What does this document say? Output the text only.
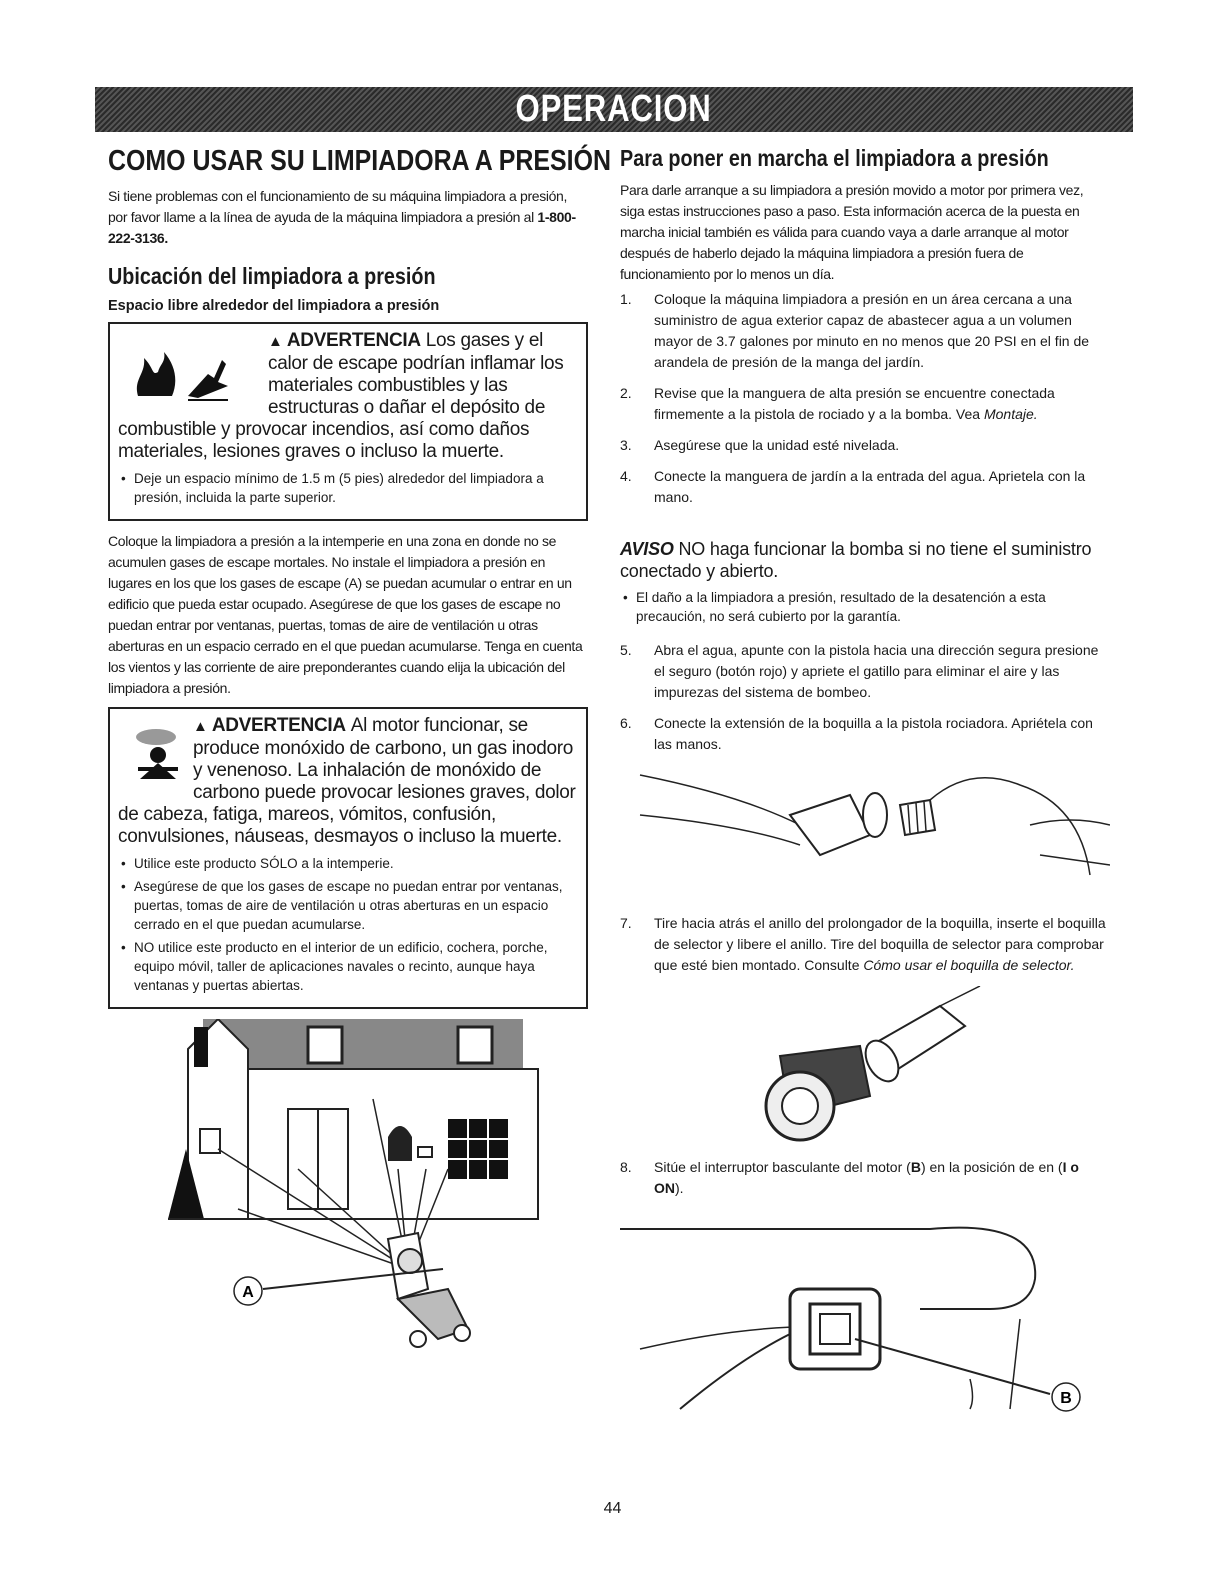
OPERACION
COMO USAR SU LIMPIADORA A PRESIÓN

Si tiene problemas con el funcionamiento de su máquina limpiadora a presión, por favor llame a la línea de ayuda de la máquina limpiadora a presión al 1-800-222-3136.

Ubicación del limpiadora a presión
Espacio libre alrededor del limpiadora a presión
▲ ADVERTENCIA Los gases y el calor de escape podrían inflamar los materiales combustibles y las estructuras o dañar el depósito de combustible y provocar incendios, así como daños materiales, lesiones graves o incluso la muerte.
• Deje un espacio mínimo de 1.5 m (5 pies) alrededor del limpiadora a presión, incluida la parte superior.

Coloque la limpiadora a presión a la intemperie en una zona en donde no se acumulen gases de escape mortales. No instale el limpiadora a presión en lugares en los que los gases de escape (A) se puedan acumular o entrar en un edificio que pueda estar ocupado. Asegúrese de que los gases de escape no puedan entrar por ventanas, puertas, tomas de aire de ventilación u otras aberturas en un espacio cerrado en el que puedan acumularse. Tenga en cuenta los vientos y las corriente de aire preponderantes cuando elija la ubicación del limpiadora a presión.

▲ ADVERTENCIA Al motor funcionar, se produce monóxido de carbono, un gas inodoro y venenoso. La inhalación de monóxido de carbono puede provocar lesiones graves, dolor de cabeza, fatiga, mareos, vómitos, confusión, convulsiones, náuseas, desmayos o incluso la muerte.
• Utilice este producto SÓLO a la intemperie.
• Asegúrese de que los gases de escape no puedan entrar por ventanas, puertas, tomas de aire de ventilación u otras aberturas en un espacio cerrado en el que puedan acumularse.
• NO utilice este producto en el interior de un edificio, cochera, porche, equipo móvil, taller de aplicaciones navales o recinto, aunque haya ventanas y puertas abiertas.
A
Para poner en marcha el limpiadora a presión

Para darle arranque a su limpiadora a presión movido a motor por primera vez, siga estas instrucciones paso a paso. Esta información acerca de la puesta en marcha inicial también es válida para cuando vaya a darle arranque al motor después de haberlo dejado la máquina limpiadora a presión fuera de funcionamiento por lo menos un día.

1. Coloque la máquina limpiadora a presión en un área cercana a una suministro de agua exterior capaz de abastecer agua a un volumen mayor de 3.7 galones por minuto en no menos que 20 PSI en el fin de arandela de presión de la manga del jardín.
2. Revise que la manguera de alta presión se encuentre conectada firmemente a la pistola de rociado y a la bomba. Vea Montaje.
3. Asegúrese que la unidad esté nivelada.
4. Conecte la manguera de jardín a la entrada del agua. Aprietela con la mano.
AVISO NO haga funcionar la bomba si no tiene el suministro conectado y abierto.
• El daño a la limpiadora a presión, resultado de la desatención a esta precaución, no será cubierto por la garantía.
5. Abra el agua, apunte con la pistola hacia una dirección segura presione el seguro (botón rojo) y apriete el gatillo para eliminar el aire y las impurezas del sistema de bombeo.
6. Conecte la extensión de la boquilla a la pistola rociadora. Apriételа con las manos.
7. Tire hacia atrás el anillo del prolongador de la boquilla, inserte el boquilla de selector y libere el anillo. Tire del boquilla de selector para comprobar que esté bien montado. Consulte Cómo usar el boquilla de selector.
8. Sitúe el interruptor basculante del motor (B) en la posición de en (I o ON).
B
44
